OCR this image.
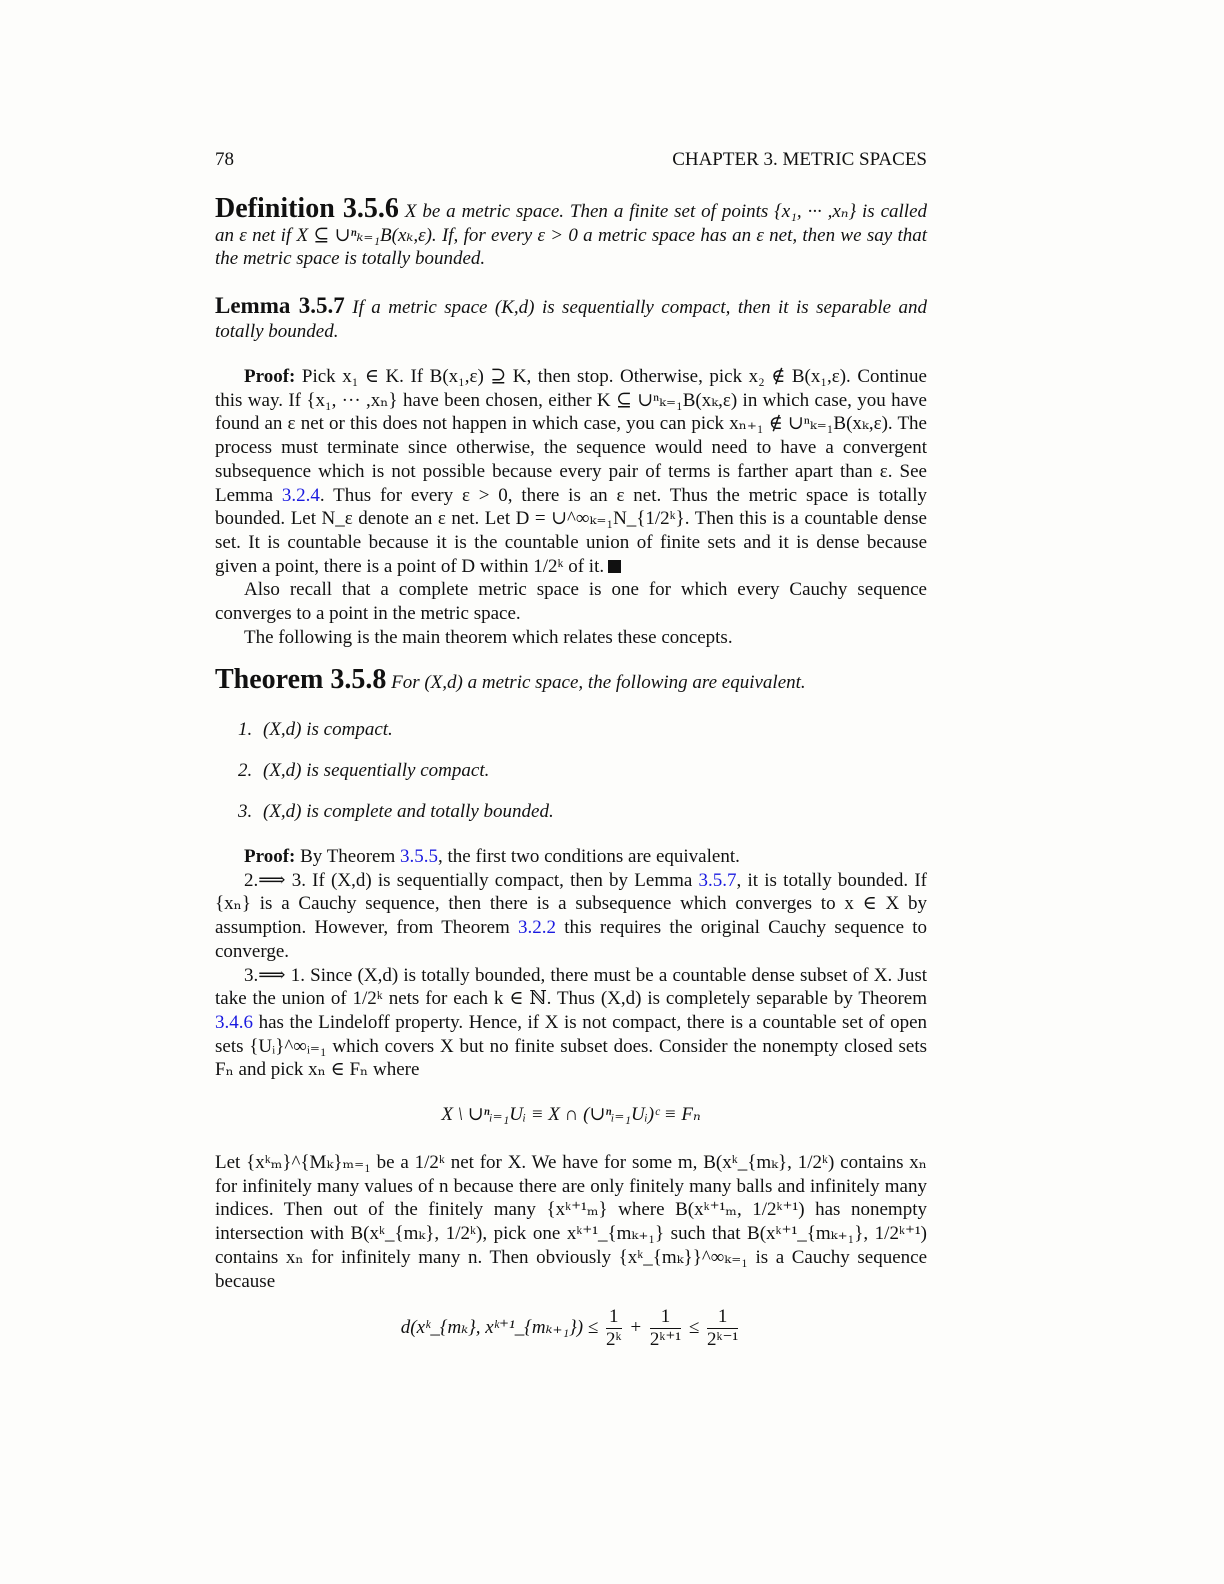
78	CHAPTER 3. METRIC SPACES

Definition 3.5.6 X be a metric space. Then a finite set of points {x₁, ··· ,xₙ} is called an ε net if X ⊆ ∪ⁿₖ₌₁B(xₖ,ε). If, for every ε > 0 a metric space has an ε net, then we say that the metric space is totally bounded.

Lemma 3.5.7 If a metric space (K,d) is sequentially compact, then it is separable and totally bounded.

Proof: Pick x₁ ∈ K. If B(x₁,ε) ⊇ K, then stop. Otherwise, pick x₂ ∉ B(x₁,ε). Continue this way. If {x₁, ··· ,xₙ} have been chosen, either K ⊆ ∪ⁿₖ₌₁B(xₖ,ε) in which case, you have found an ε net or this does not happen in which case, you can pick xₙ₊₁ ∉ ∪ⁿₖ₌₁B(xₖ,ε). The process must terminate since otherwise, the sequence would need to have a convergent subsequence which is not possible because every pair of terms is farther apart than ε. See Lemma 3.2.4. Thus for every ε > 0, there is an ε net. Thus the metric space is totally bounded. Let N_ε denote an ε net. Let D = ∪^∞ₖ₌₁N_{1/2ᵏ}. Then this is a countable dense set. It is countable because it is the countable union of finite sets and it is dense because given a point, there is a point of D within 1/2ᵏ of it.

Also recall that a complete metric space is one for which every Cauchy sequence converges to a point in the metric space.

The following is the main theorem which relates these concepts.

Theorem 3.5.8 For (X,d) a metric space, the following are equivalent.

1. (X,d) is compact.
2. (X,d) is sequentially compact.
3. (X,d) is complete and totally bounded.

Proof: By Theorem 3.5.5, the first two conditions are equivalent.

2.⟹ 3. If (X,d) is sequentially compact, then by Lemma 3.5.7, it is totally bounded. If {xₙ} is a Cauchy sequence, then there is a subsequence which converges to x ∈ X by assumption. However, from Theorem 3.2.2 this requires the original Cauchy sequence to converge.

3.⟹ 1. Since (X,d) is totally bounded, there must be a countable dense subset of X. Just take the union of 1/2ᵏ nets for each k ∈ ℕ. Thus (X,d) is completely separable by Theorem 3.4.6 has the Lindeloff property. Hence, if X is not compact, there is a countable set of open sets {Uᵢ}^∞ᵢ₌₁ which covers X but no finite subset does. Consider the nonempty closed sets Fₙ and pick xₙ ∈ Fₙ where

X \ ∪ⁿᵢ₌₁Uᵢ ≡ X ∩ (∪ⁿᵢ₌₁Uᵢ)ᶜ ≡ Fₙ

Let {xᵏₘ}^{Mₖ}ₘ₌₁ be a 1/2ᵏ net for X. We have for some m, B(xᵏ_{mₖ}, 1/2ᵏ) contains xₙ for infinitely many values of n because there are only finitely many balls and infinitely many indices. Then out of the finitely many {xᵏ⁺¹ₘ} where B(xᵏ⁺¹ₘ, 1/2ᵏ⁺¹) has nonempty intersection with B(xᵏ_{mₖ}, 1/2ᵏ), pick one xᵏ⁺¹_{mₖ₊₁} such that B(xᵏ⁺¹_{mₖ₊₁}, 1/2ᵏ⁺¹) contains xₙ for infinitely many n. Then obviously {xᵏ_{mₖ}}^∞ₖ₌₁ is a Cauchy sequence because

d(xᵏ_{mₖ}, xᵏ⁺¹_{mₖ₊₁}) ≤ $\frac{1}{\text{2ᵏ}} + \frac{1}{\text{2ᵏ⁺¹}} \le \frac{1}{\text{2ᵏ⁻¹}}$
